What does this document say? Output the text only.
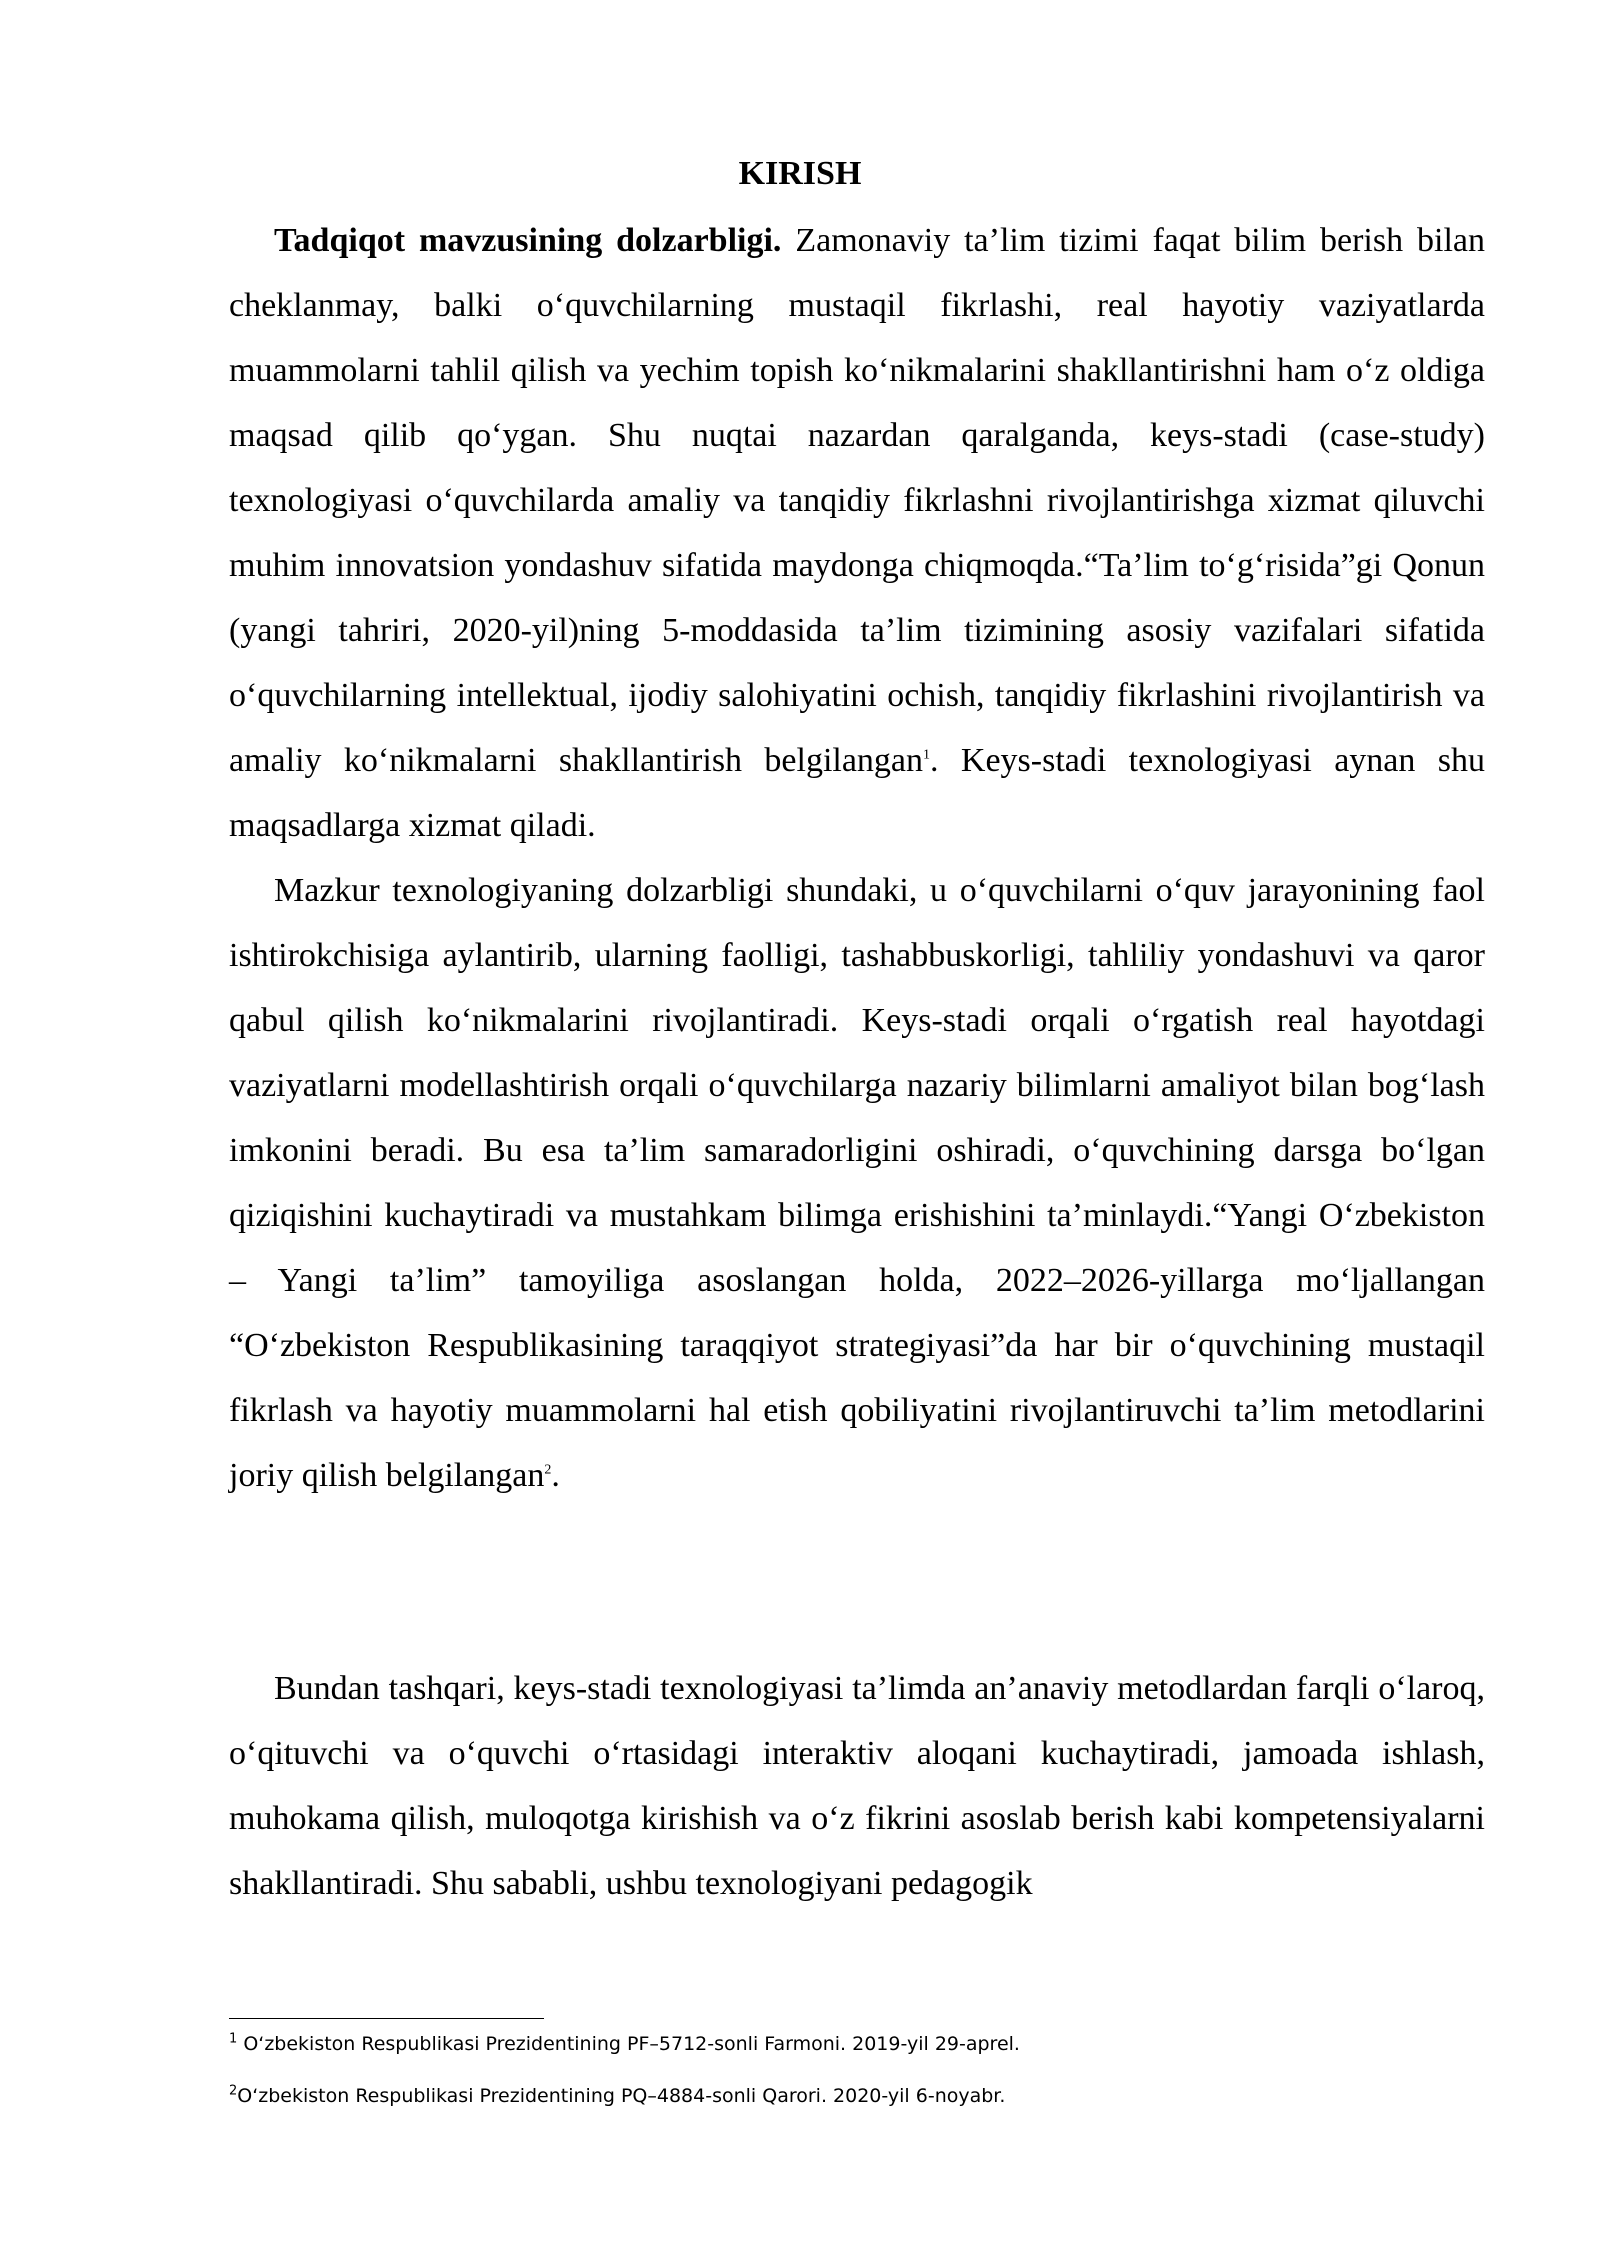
KIRISH

Tadqiqot mavzusining dolzarbligi. Zamonaviy ta’lim tizimi faqat bilim berish bilan cheklanmay, balki o‘quvchilarning mustaqil fikrlashi, real hayotiy vaziyatlarda muammolarni tahlil qilish va yechim topish ko‘nikmalarini shakllantirishni ham o‘z oldiga maqsad qilib qo‘ygan. Shu nuqtai nazardan qaralganda, keys-stadi (case-study) texnologiyasi o‘quvchilarda amaliy va tanqidiy fikrlashni rivojlantirishga xizmat qiluvchi muhim innovatsion yondashuv sifatida maydonga chiqmoqda.“Ta’lim to‘g‘risida”gi Qonun (yangi tahriri, 2020-yil)ning 5-moddasida ta’lim tizimining asosiy vazifalari sifatida o‘quvchilarning intellektual, ijodiy salohiyatini ochish, tanqidiy fikrlashini rivojlantirish va amaliy ko‘nikmalarni shakllantirish belgilangan$^1$. Keys-stadi texnologiyasi aynan shu maqsadlarga xizmat qiladi.

Mazkur texnologiyaning dolzarbligi shundaki, u o‘quvchilarni o‘quv jarayonining faol ishtirokchisiga aylantirib, ularning faolligi, tashabbuskorligi, tahliliy yondashuvi va qaror qabul qilish ko‘nikmalarini rivojlantiradi. Keys-stadi orqali o‘rgatish real hayotdagi vaziyatlarni modellashtirish orqali o‘quvchilarga nazariy bilimlarni amaliyot bilan bog‘lash imkonini beradi. Bu esa ta’lim samaradorligini oshiradi, o‘quvchining darsga bo‘lgan qiziqishini kuchaytiradi va mustahkam bilimga erishishini ta’minlaydi.“Yangi O‘zbekiston – Yangi ta’lim” tamoyiliga asoslangan holda, 2022–2026-yillarga mo‘ljallangan “O‘zbekiston Respublikasining taraqqiyot strategiyasi”da har bir o‘quvchining mustaqil fikrlash va hayotiy muammolarni hal etish qobiliyatini rivojlantiruvchi ta’lim metodlarini joriy qilish belgilangan$^2$.

Bundan tashqari, keys-stadi texnologiyasi ta’limda an’anaviy metodlardan farqli o‘laroq, o‘qituvchi va o‘quvchi o‘rtasidagi interaktiv aloqani kuchaytiradi, jamoada ishlash, muhokama qilish, muloqotga kirishish va o‘z fikrini asoslab berish kabi kompetensiyalarni shakllantiradi. Shu sababli, ushbu texnologiyani pedagogik

$^1$ O‘zbekiston Respublikasi Prezidentining PF–5712-sonli Farmoni. 2019-yil 29-aprel.

$^2$O‘zbekiston Respublikasi Prezidentining PQ–4884-sonli Qarori. 2020-yil 6-noyabr.
